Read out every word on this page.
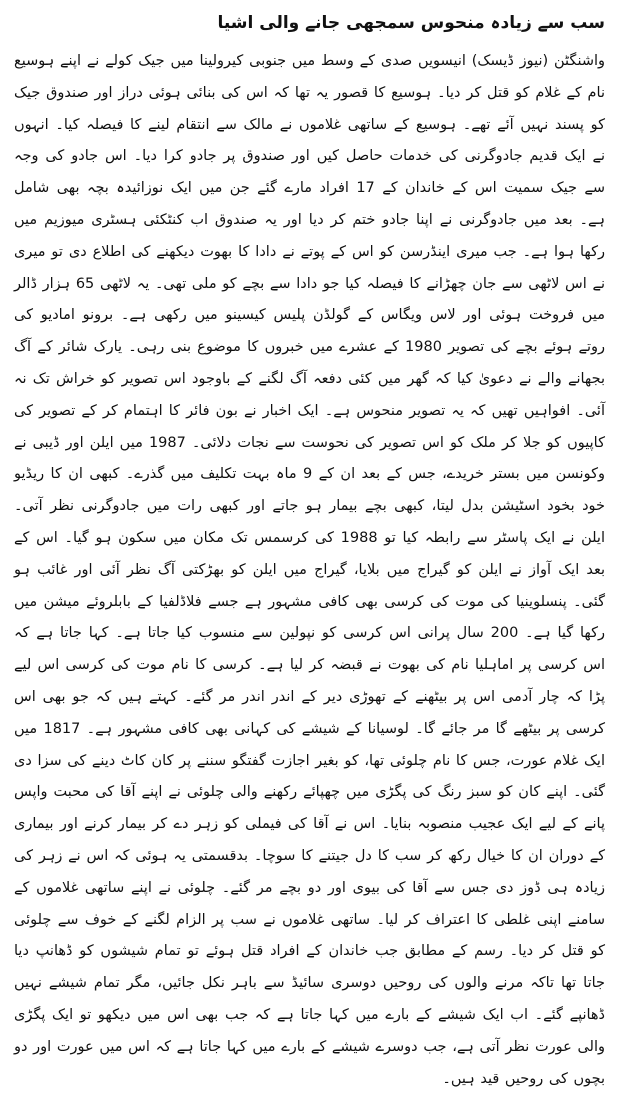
سب سے زیادہ منحوس سمجھی جانے والی اشیا

واشنگٹن (نیوز ڈیسک) انیسویں صدی کے وسط میں جنوبی کیرولینا میں جیک کولے نے اپنے ہوسیع نام کے غلام کو قتل کر دیا۔ ہوسیع کا قصور یہ تھا کہ اس کی بنائی ہوئی دراز اور صندوق جیک کو پسند نہیں آئے تھے۔ ہوسیع کے ساتھی غلاموں نے مالک سے انتقام لینے کا فیصلہ کیا۔ انہوں نے ایک قدیم جادوگرنی کی خدمات حاصل کیں اور صندوق پر جادو کرا دیا۔ اس جادو کی وجہ سے جیک سمیت اس کے خاندان کے 17 افراد مارے گئے جن میں ایک نوزائیدہ بچہ بھی شامل ہے۔ بعد میں جادوگرنی نے اپنا جادو ختم کر دیا اور یہ صندوق اب کنٹکئی ہسٹری میوزیم میں رکھا ہوا ہے۔ جب میری اینڈرسن کو اس کے پوتے نے دادا کا بھوت دیکھنے کی اطلاع دی تو میری نے اس لاٹھی سے جان چھڑانے کا فیصلہ کیا جو دادا سے بچے کو ملی تھی۔ یہ لاٹھی 65 ہزار ڈالر میں فروخت ہوئی اور لاس ویگاس کے گولڈن پلیس کیسینو میں رکھی ہے۔ برونو امادیو کی روتے ہوئے بچے کی تصویر 1980 کے عشرے میں خبروں کا موضوع بنی رہی۔ یارک شائر کے آگ بجھانے والے نے دعویٰ کیا کہ گھر میں کئی دفعہ آگ لگنے کے باوجود اس تصویر کو خراش تک نہ آئی۔ افواہیں تھیں کہ یہ تصویر منحوس ہے۔ ایک اخبار نے بون فائر کا اہتمام کر کے تصویر کی کاپیوں کو جلا کر ملک کو اس تصویر کی نحوست سے نجات دلائی۔ 1987 میں ایلن اور ڈیبی نے وکونسن میں بستر خریدے، جس کے بعد ان کے 9 ماہ بہت تکلیف میں گذرے۔ کبھی ان کا ریڈیو خود بخود اسٹیشن بدل لیتا، کبھی بچے بیمار ہو جاتے اور کبھی رات میں جادوگرنی نظر آتی۔ ایلن نے ایک پاسٹر سے رابطہ کیا تو 1988 کی کرسمس تک مکان میں سکون ہو گیا۔ اس کے بعد ایک آواز نے ایلن کو گیراج میں بلایا، گیراج میں ایلن کو بھڑکتی آگ نظر آئی اور غائب ہو گئی۔ پنسلوینیا کی موت کی کرسی بھی کافی مشہور ہے جسے فلاڈلفیا کے بابلروئے میشن میں رکھا گیا ہے۔ 200 سال پرانی اس کرسی کو نپولین سے منسوب کیا جاتا ہے۔ کہا جاتا ہے کہ اس کرسی پر اماہلیا نام کی بھوت نے قبضہ کر لیا ہے۔ کرسی کا نام موت کی کرسی اس لیے پڑا کہ چار آدمی اس پر بیٹھنے کے تھوڑی دیر کے اندر اندر مر گئے۔ کہتے ہیں کہ جو بھی اس کرسی پر بیٹھے گا مر جائے گا۔ لوسیانا کے شیشے کی کہانی بھی کافی مشہور ہے۔ 1817 میں ایک غلام عورت، جس کا نام چلوئی تھا، کو بغیر اجازت گفتگو سننے پر کان کاٹ دینے کی سزا دی گئی۔ اپنے کان کو سبز رنگ کی پگڑی میں چھپائے رکھنے والی چلوئی نے اپنے آقا کی محبت واپس پانے کے لیے ایک عجیب منصوبہ بنایا۔ اس نے آقا کی فیملی کو زہر دے کر بیمار کرنے اور بیماری کے دوران ان کا خیال رکھ کر سب کا دل جیتنے کا سوچا۔ بدقسمتی یہ ہوئی کہ اس نے زہر کی زیادہ ہی ڈوز دی جس سے آقا کی بیوی اور دو بچے مر گئے۔ چلوئی نے اپنے ساتھی غلاموں کے سامنے اپنی غلطی کا اعتراف کر لیا۔ ساتھی غلاموں نے سب پر الزام لگنے کے خوف سے چلوئی کو قتل کر دیا۔ رسم کے مطابق جب خاندان کے افراد قتل ہوئے تو تمام شیشوں کو ڈھانپ دیا جاتا تھا تاکہ مرنے والوں کی روحیں دوسری سائیڈ سے باہر نکل جائیں، مگر تمام شیشے نہیں ڈھانپے گئے۔ اب ایک شیشے کے بارے میں کہا جاتا ہے کہ جب بھی اس میں دیکھو تو ایک پگڑی والی عورت نظر آتی ہے، جب دوسرے شیشے کے بارے میں کہا جاتا ہے کہ اس میں عورت اور دو بچوں کی روحیں قید ہیں۔
